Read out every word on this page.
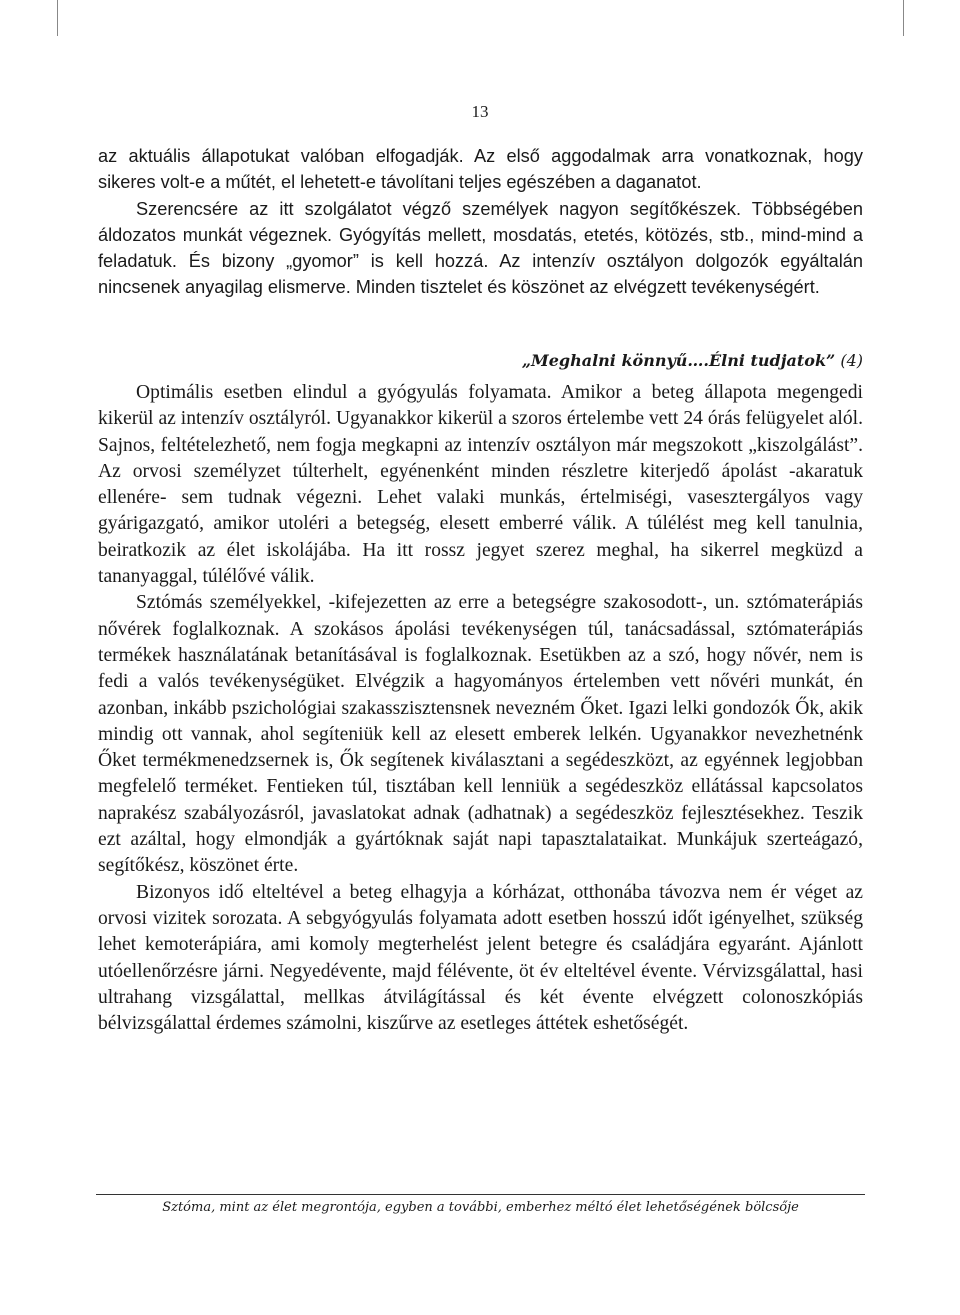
13

az aktuális állapotukat valóban elfogadják. Az első aggodalmak arra vonatkoznak, hogy sikeres volt-e a műtét, el lehetett-e távolítani teljes egészében a daganatot.

Szerencsére az itt szolgálatot végző személyek nagyon segítőkészek. Többségében áldozatos munkát végeznek. Gyógyítás mellett, mosdatás, etetés, kötözés, stb., mind-mind a feladatuk. És bizony „gyomor” is kell hozzá. Az intenzív osztályon dolgozók egyáltalán nincsenek anyagilag elismerve. Minden tisztelet és köszönet az elvégzett tevékenységért.

„Meghalni könnyű….Élni tudjatok” (4)

Optimális esetben elindul a gyógyulás folyamata. Amikor a beteg állapota megengedi kikerül az intenzív osztályról. Ugyanakkor kikerül a szoros értelembe vett 24 órás felügyelet alól. Sajnos, feltételezhető, nem fogja megkapni az intenzív osztályon már megszokott „kiszolgálást”. Az orvosi személyzet túlterhelt, egyénenként minden részletre kiterjedő ápolást -akaratuk ellenére- sem tudnak végezni. Lehet valaki munkás, értelmiségi, vasesztergályos vagy gyárigazgató, amikor utoléri a betegség, elesett emberré válik. A túlélést meg kell tanulnia, beiratkozik az élet iskolájába. Ha itt rossz jegyet szerez meghal, ha sikerrel megküzd a tananyaggal, túlélővé válik.

Sztómás személyekkel, -kifejezetten az erre a betegségre szakosodott-, un. sztómaterápiás nővérek foglalkoznak. A szokásos ápolási tevékenységen túl, tanácsadással, sztómaterápiás termékek használatának betanításával is foglalkoznak. Esetükben az a szó, hogy nővér, nem is fedi a valós tevékenységüket. Elvégzik a hagyományos értelemben vett nővéri munkát, én azonban, inkább pszichológiai szakasszisztensnek nevezném Őket. Igazi lelki gondozók Ők, akik mindig ott vannak, ahol segíteniük kell az elesett emberek lelkén. Ugyanakkor nevezhetnénk Őket termékmenedzsernek is, Ők segítenek kiválasztani a segédeszközt, az egyénnek legjobban megfelelő terméket. Fentieken túl, tisztában kell lenniük a segédeszköz ellátással kapcsolatos naprakész szabályozásról, javaslatokat adnak (adhatnak) a segédeszköz fejlesztésekhez. Teszik ezt azáltal, hogy elmondják a gyártóknak saját napi tapasztalataikat. Munkájuk szerteágazó, segítőkész, köszönet érte.

Bizonyos idő elteltével a beteg elhagyja a kórházat, otthonába távozva nem ér véget az orvosi vizitek sorozata. A sebgyógyulás folyamata adott esetben hosszú időt igényelhet, szükség lehet kemoterápiára, ami komoly megterhelést jelent betegre és családjára egyaránt. Ajánlott utóellenőrzésre járni. Negyedévente, majd félévente, öt év elteltével évente. Vérvizsgálattal, hasi ultrahang vizsgálattal, mellkas átvilágítással és két évente elvégzett colonoszkópiás bélvizsgálattal érdemes számolni, kiszűrve az esetleges áttétek eshetőségét.

Sztóma, mint az élet megrontója, egyben a további, emberhez méltó élet lehetőségének bölcsője
